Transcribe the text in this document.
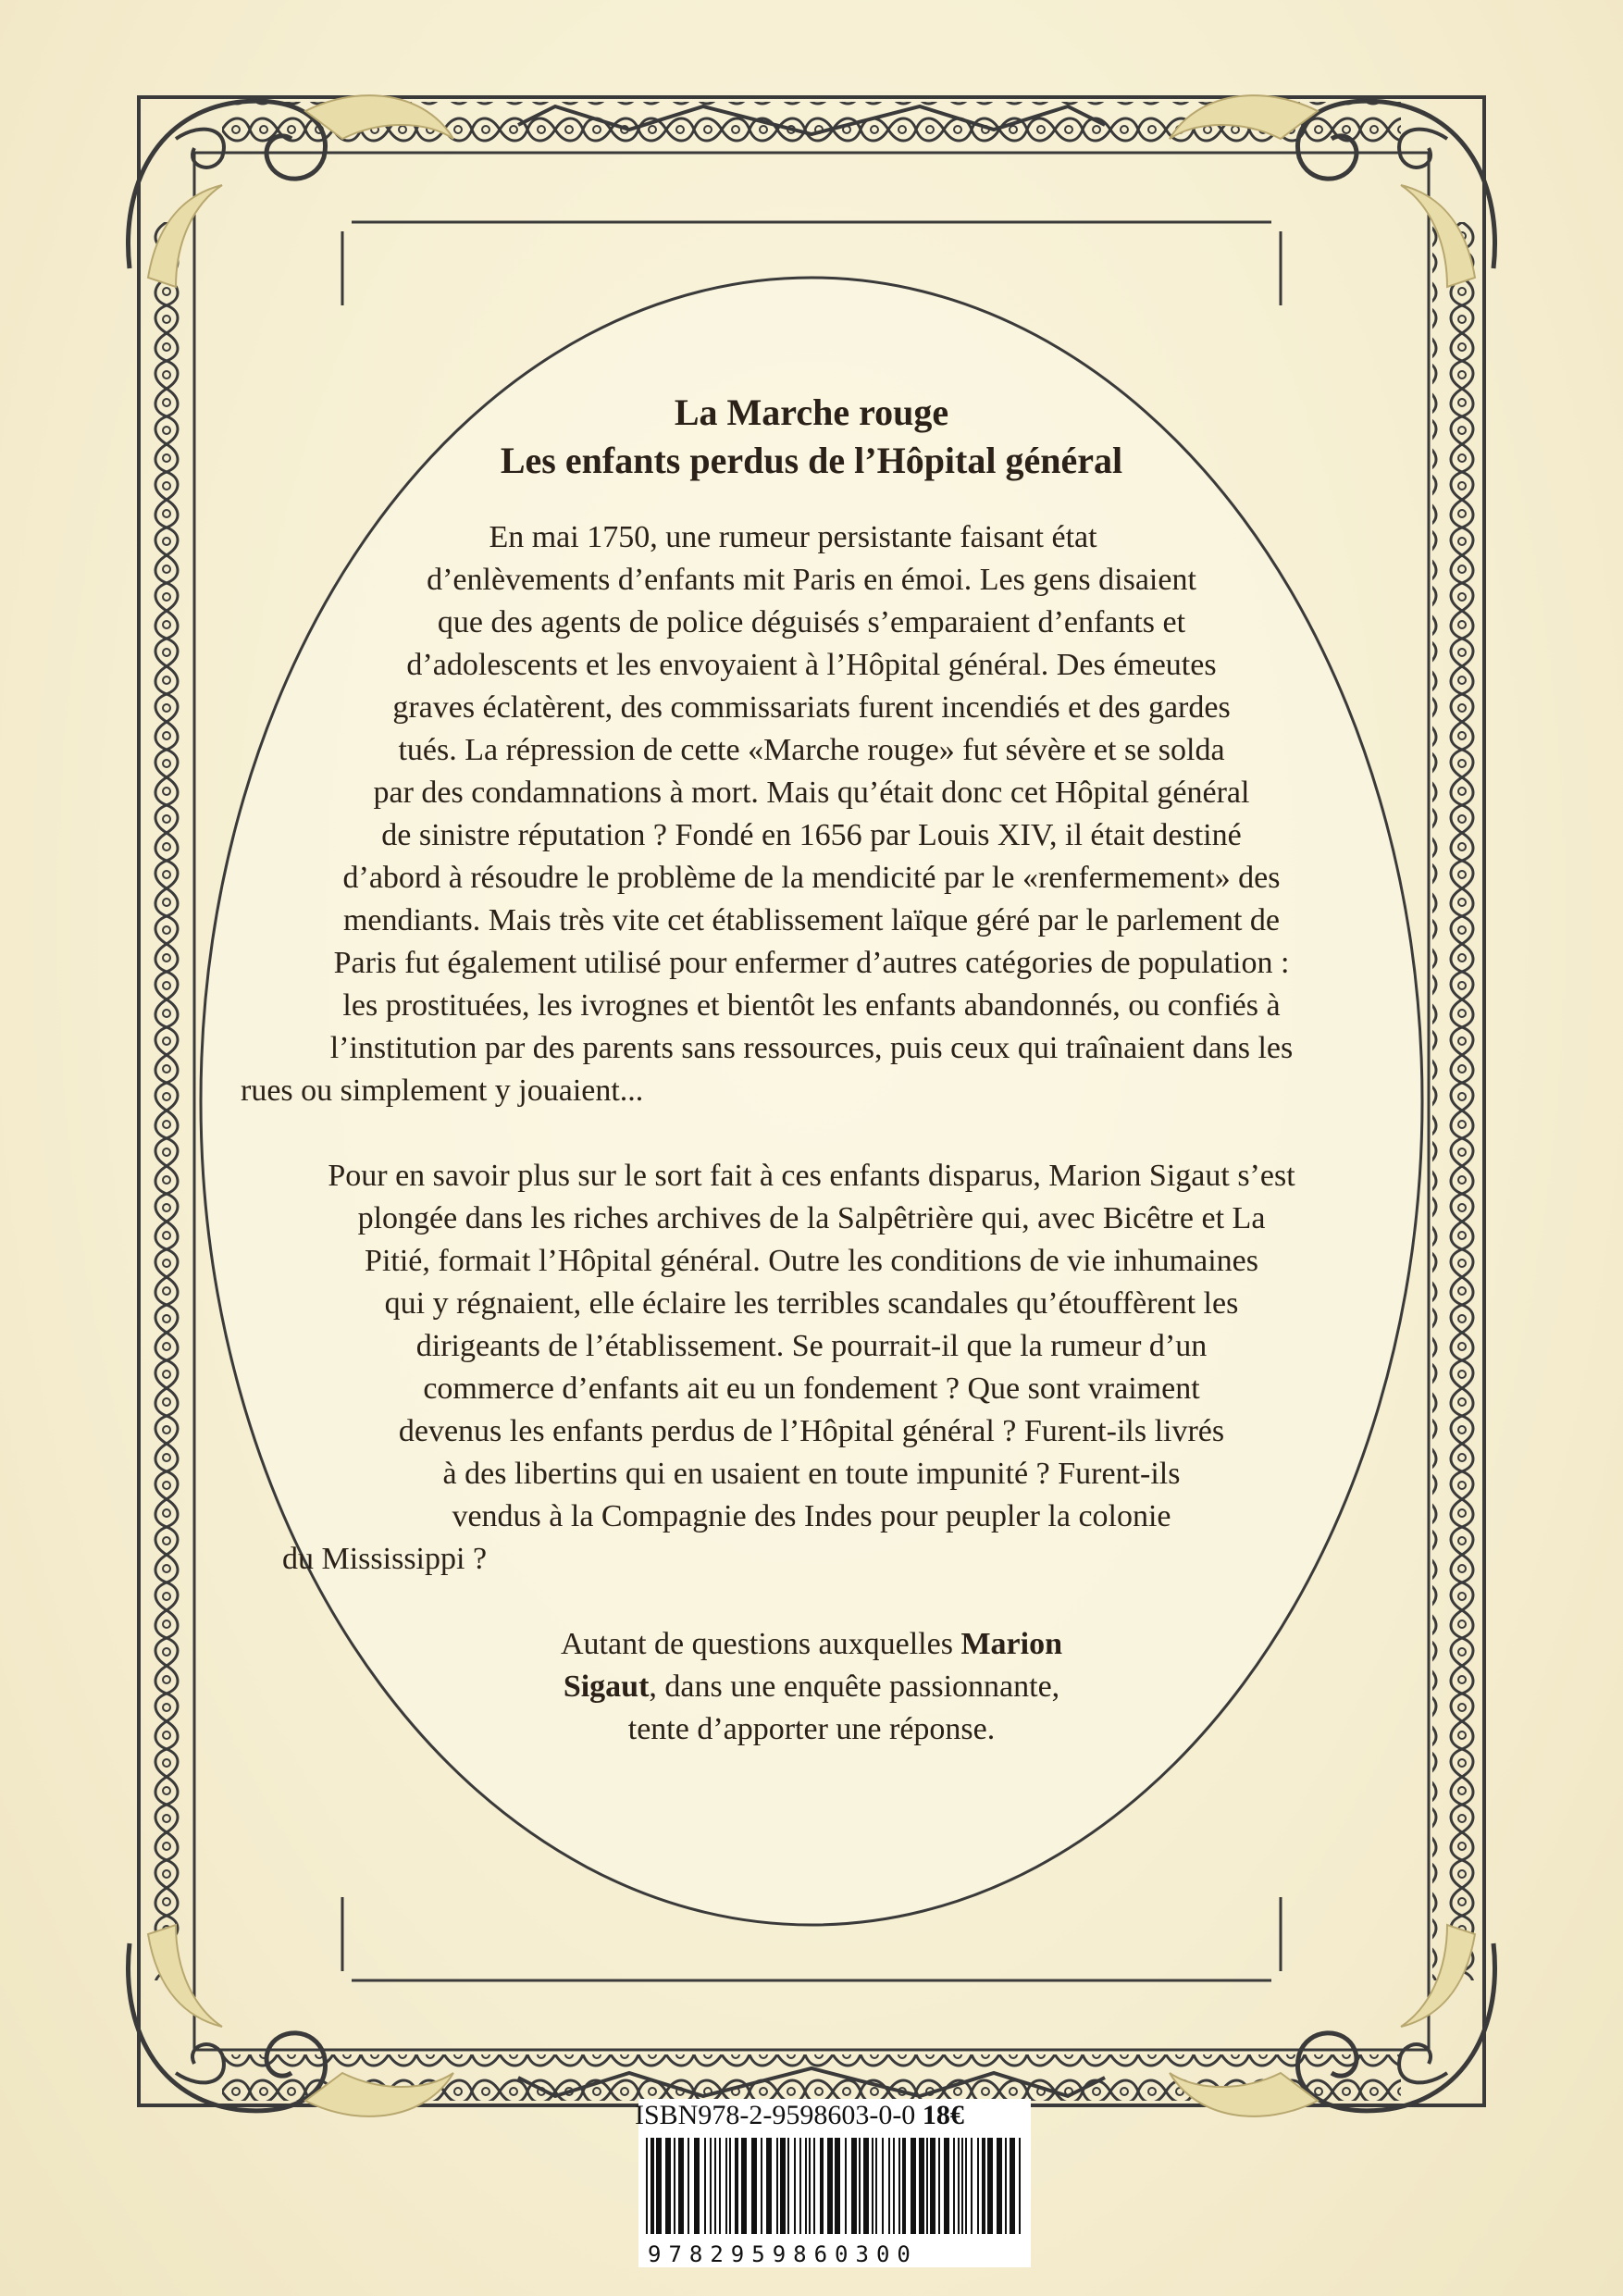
La Marche rouge
Les enfants perdus de l’Hôpital général
En mai 1750, une rumeur persistante faisant état
d’enlèvements d’enfants mit Paris en émoi. Les gens disaient
que des agents de police déguisés s’emparaient d’enfants et
d’adolescents et les envoyaient à l’Hôpital général. Des émeutes
graves éclatèrent, des commissariats furent incendiés et des gardes
tués. La répression de cette «Marche rouge» fut sévère et se solda
par des condamnations à mort. Mais qu’était donc cet Hôpital général
de sinistre réputation ? Fondé en 1656 par Louis XIV, il était destiné
d’abord à résoudre le problème de la mendicité par le «renfermement» des
mendiants. Mais très vite cet établissement laïque géré par le parlement de
Paris fut également utilisé pour enfermer d’autres catégories de population :
les prostituées, les ivrognes et bientôt les enfants abandonnés, ou confiés à
l’institution par des parents sans ressources, puis ceux qui traînaient dans les
rues ou simplement y jouaient...
Pour en savoir plus sur le sort fait à ces enfants disparus, Marion Sigaut s’est
plongée dans les riches archives de la Salpêtrière qui, avec Bicêtre et La
Pitié, formait l’Hôpital général. Outre les conditions de vie inhumaines
qui y régnaient, elle éclaire les terribles scandales qu’étouffèrent les
dirigeants de l’établissement. Se pourrait-il que la rumeur d’un
commerce d’enfants ait eu un fondement ? Que sont vraiment
devenus les enfants perdus de l’Hôpital général ? Furent-ils livrés
à des libertins qui en usaient en toute impunité ? Furent-ils
vendus à la Compagnie des Indes pour peupler la colonie
du Mississippi ?
Autant de questions auxquelles Marion
Sigaut, dans une enquête passionnante,
tente d’apporter une réponse.
ISBN978-2-9598603-0-0 18€
9782959860300
